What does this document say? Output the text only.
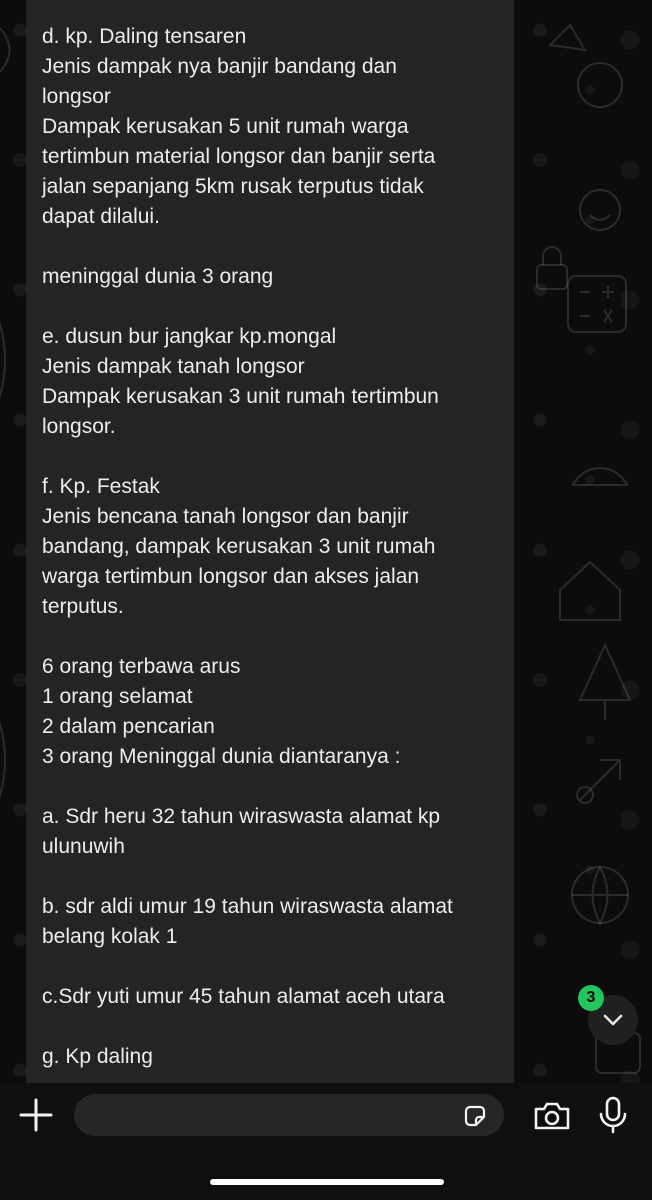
d. kp. Daling tensaren
Jenis dampak nya banjir bandang dan
longsor
Dampak kerusakan 5 unit rumah warga
tertimbun material longsor dan banjir serta
jalan sepanjang 5km rusak terputus tidak
dapat dilalui.

meninggal dunia 3 orang

e. dusun bur jangkar kp.mongal
Jenis dampak tanah longsor
Dampak kerusakan 3 unit rumah tertimbun
longsor.

f. Kp. Festak
Jenis bencana tanah longsor dan banjir
bandang, dampak kerusakan 3 unit rumah
warga tertimbun longsor dan akses jalan
terputus.

6 orang terbawa arus
1 orang selamat
2 dalam pencarian
3 orang Meninggal dunia diantaranya :

a. Sdr heru 32 tahun wiraswasta alamat kp
ulunuwih

b. sdr aldi umur 19 tahun wiraswasta alamat
belang kolak 1

c.Sdr yuti umur 45 tahun alamat aceh utara

g. Kp daling
3
